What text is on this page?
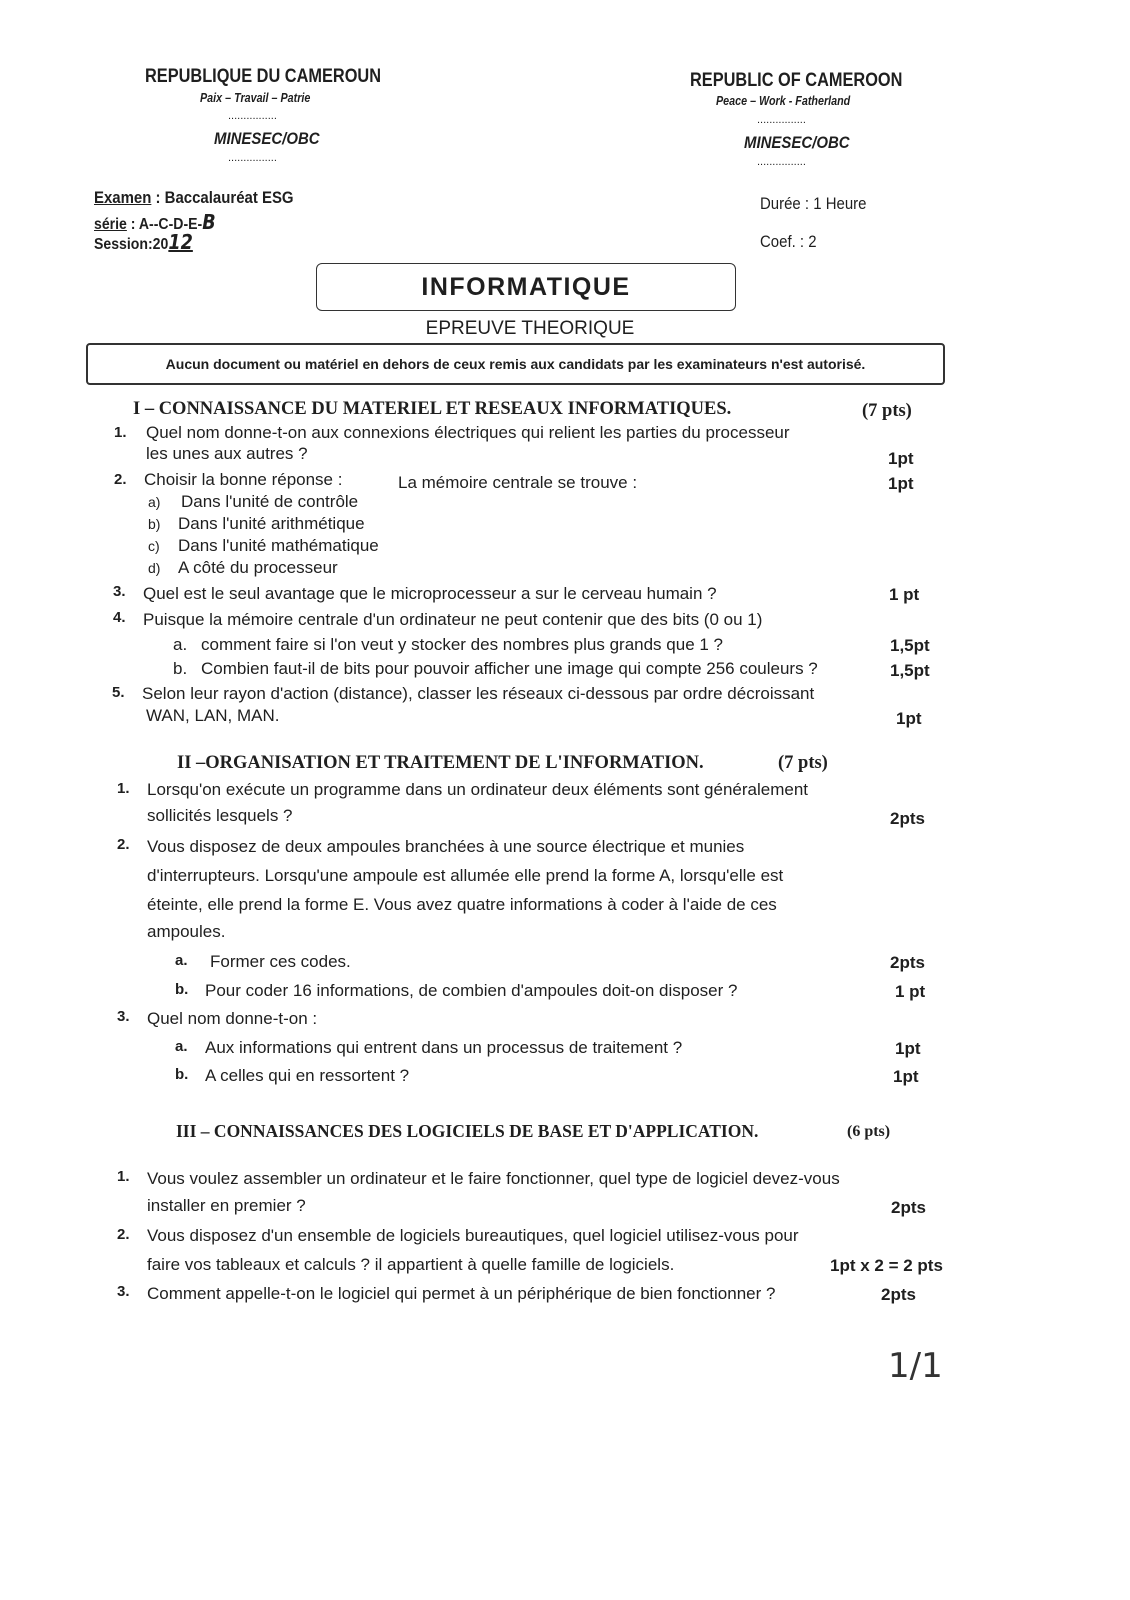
REPUBLIQUE DU CAMEROUN
Paix – Travail – Patrie
................
MINESEC/OBC
................
REPUBLIC OF CAMEROON
Peace – Work - Fatherland
................
MINESEC/OBC
................
Examen : Baccalauréat ESG
série : A--C-D-E-B
Session:2012
Durée : 1 Heure
Coef. : 2
INFORMATIQUE
EPREUVE THEORIQUE
Aucun document ou matériel en dehors de ceux remis aux candidats par les examinateurs n'est autorisé.
I – CONNAISSANCE DU MATERIEL ET RESEAUX INFORMATIQUES.	(7 pts)
1. Quel nom donne-t-on aux connexions électriques qui relient les parties du processeur
les unes aux autres ?	1pt
2. Choisir la bonne réponse :	La mémoire centrale se trouve :	1pt
a) Dans l'unité de contrôle
b) Dans l'unité arithmétique
c) Dans l'unité mathématique
d) A côté du processeur
3. Quel est le seul avantage que le microprocesseur a sur le cerveau humain ?	1 pt
4. Puisque la mémoire centrale d'un ordinateur ne peut contenir que des bits (0 ou 1)
a. comment faire si l'on veut y stocker des nombres plus grands que 1 ?	1,5pt
b. Combien faut-il de bits pour pouvoir afficher une image qui compte 256 couleurs ?	1,5pt
5. Selon leur rayon d'action (distance), classer les réseaux ci-dessous par ordre décroissant
WAN, LAN, MAN.	1pt
II –ORGANISATION ET TRAITEMENT DE L'INFORMATION.	(7 pts)
1. Lorsqu'on exécute un programme dans un ordinateur deux éléments sont généralement
sollicités lesquels ?	2pts
2. Vous disposez de deux ampoules branchées à une source électrique et munies
d'interrupteurs. Lorsqu'une ampoule est allumée elle prend la forme A, lorsqu'elle est
éteinte, elle prend la forme E. Vous avez quatre informations à coder à l'aide de ces
ampoules.
a. Former ces codes.	2pts
b. Pour coder 16 informations, de combien d'ampoules doit-on disposer ?	1 pt
3. Quel nom donne-t-on :
a. Aux informations qui entrent dans un processus de traitement ?	1pt
b. A celles qui en ressortent ?	1pt
III – CONNAISSANCES DES LOGICIELS DE BASE ET D'APPLICATION.	(6 pts)
1. Vous voulez assembler un ordinateur et le faire fonctionner, quel type de logiciel devez-vous
installer en premier ?	2pts
2. Vous disposez d'un ensemble de logiciels bureautiques, quel logiciel utilisez-vous pour
faire vos tableaux et calculs ? il appartient à quelle famille de logiciels.	1pt x 2 = 2 pts
3. Comment appelle-t-on le logiciel qui permet à un périphérique de bien fonctionner ?	2pts
1/1
